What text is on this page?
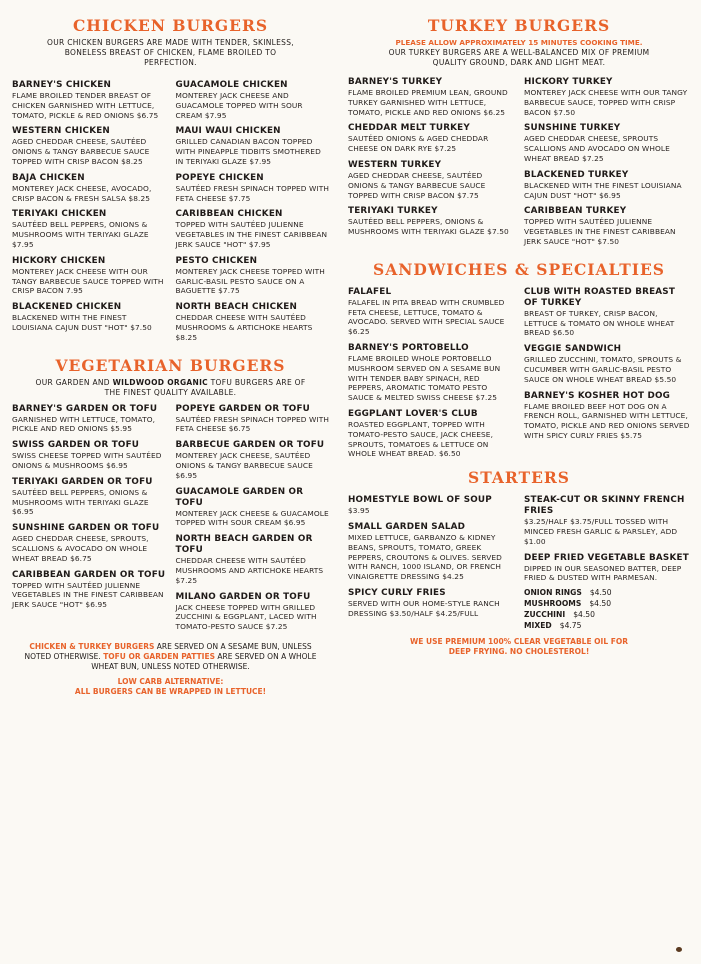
CHICKEN BURGERS

OUR CHICKEN BURGERS ARE MADE WITH TENDER, SKINLESS, BONELESS BREAST OF CHICKEN, FLAME BROILED TO PERFECTION.

BARNEY'S CHICKEN
FLAME BROILED TENDER BREAST OF CHICKEN GARNISHED WITH LETTUCE, TOMATO, PICKLE & RED ONIONS $6.75
WESTERN CHICKEN
AGED CHEDDAR CHEESE, SAUTÉED ONIONS & TANGY BARBECUE SAUCE TOPPED WITH CRISP BACON $8.25
BAJA CHICKEN
MONTEREY JACK CHEESE, AVOCADO, CRISP BACON & FRESH SALSA $8.25
TERIYAKI CHICKEN
SAUTÉED BELL PEPPERS, ONIONS & MUSHROOMS WITH TERIYAKI GLAZE $7.95
HICKORY CHICKEN
MONTEREY JACK CHEESE WITH OUR TANGY BARBECUE SAUCE TOPPED WITH CRISP BACON 7.95
BLACKENED CHICKEN
BLACKENED WITH THE FINEST LOUISIANA CAJUN DUST "HOT" $7.50
GUACAMOLE CHICKEN
MONTEREY JACK CHEESE AND GUACAMOLE TOPPED WITH SOUR CREAM $7.95
MAUI WAUI CHICKEN
GRILLED CANADIAN BACON TOPPED WITH PINEAPPLE TIDBITS SMOTHERED IN TERIYAKI GLAZE $7.95
POPEYE CHICKEN
SAUTÉED FRESH SPINACH TOPPED WITH FETA CHEESE $7.75
CARIBBEAN CHICKEN
TOPPED WITH SAUTÉED JULIENNE VEGETABLES IN THE FINEST CARIBBEAN JERK SAUCE "HOT" $7.95
PESTO CHICKEN
MONTEREY JACK CHEESE TOPPED WITH GARLIC-BASIL PESTO SAUCE ON A BAGUETTE $7.75
NORTH BEACH CHICKEN
CHEDDAR CHEESE WITH SAUTÉED MUSHROOMS & ARTICHOKE HEARTS $8.25
VEGETARIAN BURGERS

OUR GARDEN AND WILDWOOD ORGANIC TOFU BURGERS ARE OF THE FINEST QUALITY AVAILABLE.

BARNEY'S GARDEN OR TOFU
GARNISHED WITH LETTUCE, TOMATO, PICKLE AND RED ONIONS $5.95
SWISS GARDEN OR TOFU
SWISS CHEESE TOPPED WITH SAUTÉED ONIONS & MUSHROOMS $6.95
TERIYAKI GARDEN OR TOFU
SAUTÉED BELL PEPPERS, ONIONS & MUSHROOMS WITH TERIYAKI GLAZE $6.95
SUNSHINE GARDEN OR TOFU
AGED CHEDDAR CHEESE, SPROUTS, SCALLIONS & AVOCADO ON WHOLE WHEAT BREAD $6.75
CARIBBEAN GARDEN OR TOFU
TOPPED WITH SAUTÉED JULIENNE VEGETABLES IN THE FINEST CARIBBEAN JERK SAUCE "HOT" $6.95
POPEYE GARDEN OR TOFU
SAUTÉED FRESH SPINACH TOPPED WITH FETA CHEESE $6.75
BARBECUE GARDEN OR TOFU
MONTEREY JACK CHEESE, SAUTÉED ONIONS & TANGY BARBECUE SAUCE $6.95
GUACAMOLE GARDEN OR TOFU
MONTEREY JACK CHEESE & GUACAMOLE TOPPED WITH SOUR CREAM $6.95
NORTH BEACH GARDEN OR TOFU
CHEDDAR CHEESE WITH SAUTÉED MUSHROOMS AND ARTICHOKE HEARTS $7.25
MILANO GARDEN OR TOFU
JACK CHEESE TOPPED WITH GRILLED ZUCCHINI & EGGPLANT, LACED WITH TOMATO-PESTO SAUCE $7.25
CHICKEN & TURKEY BURGERS ARE SERVED ON A SESAME BUN, UNLESS NOTED OTHERWISE. TOFU OR GARDEN PATTIES ARE SERVED ON A WHOLE WHEAT BUN, UNLESS NOTED OTHERWISE.
LOW CARB ALTERNATIVE:
ALL BURGERS CAN BE WRAPPED IN LETTUCE!
TURKEY BURGERS

PLEASE ALLOW APPROXIMATELY 15 MINUTES COOKING TIME.

OUR TURKEY BURGERS ARE A WELL-BALANCED MIX OF PREMIUM QUALITY GROUND, DARK AND LIGHT MEAT.

BARNEY'S TURKEY
FLAME BROILED PREMIUM LEAN, GROUND TURKEY GARNISHED WITH LETTUCE, TOMATO, PICKLE AND RED ONIONS $6.25
CHEDDAR MELT TURKEY
SAUTÉED ONIONS & AGED CHEDDAR CHEESE ON DARK RYE $7.25
WESTERN TURKEY
AGED CHEDDAR CHEESE, SAUTÉED ONIONS & TANGY BARBECUE SAUCE TOPPED WITH CRISP BACON $7.75
TERIYAKI TURKEY
SAUTÉED BELL PEPPERS, ONIONS & MUSHROOMS WITH TERIYAKI GLAZE $7.50
HICKORY TURKEY
MONTEREY JACK CHEESE WITH OUR TANGY BARBECUE SAUCE, TOPPED WITH CRISP BACON $7.50
SUNSHINE TURKEY
AGED CHEDDAR CHEESE, SPROUTS SCALLIONS AND AVOCADO ON WHOLE WHEAT BREAD $7.25
BLACKENED TURKEY
BLACKENED WITH THE FINEST LOUISIANA CAJUN DUST "HOT" $6.95
CARIBBEAN TURKEY
TOPPED WITH SAUTÉED JULIENNE VEGETABLES IN THE FINEST CARIBBEAN JERK SAUCE "HOT" $7.50
SANDWICHES & SPECIALTIES
FALAFEL
FALAFEL IN PITA BREAD WITH CRUMBLED FETA CHEESE, LETTUCE, TOMATO & AVOCADO. SERVED WITH SPECIAL SAUCE $6.25
BARNEY'S PORTOBELLO
FLAME BROILED WHOLE PORTOBELLO MUSHROOM SERVED ON A SESAME BUN WITH TENDER BABY SPINACH, RED PEPPERS, AROMATIC TOMATO PESTO SAUCE & MELTED SWISS CHEESE $7.25
EGGPLANT LOVER'S CLUB
ROASTED EGGPLANT, TOPPED WITH TOMATO-PESTO SAUCE, JACK CHEESE, SPROUTS, TOMATOES & LETTUCE ON WHOLE WHEAT BREAD. $6.50
CLUB WITH ROASTED BREAST OF TURKEY
BREAST OF TURKEY, CRISP BACON, LETTUCE & TOMATO ON WHOLE WHEAT BREAD $6.50
VEGGIE SANDWICH
GRILLED ZUCCHINI, TOMATO, SPROUTS & CUCUMBER WITH GARLIC-BASIL PESTO SAUCE ON WHOLE WHEAT BREAD $5.50
BARNEY'S KOSHER HOT DOG
FLAME BROILED BEEF HOT DOG ON A FRENCH ROLL, GARNISHED WITH LETTUCE, TOMATO, PICKLE AND RED ONIONS SERVED WITH SPICY CURLY FRIES $5.75
STARTERS
HOMESTYLE BOWL OF SOUP
$3.95
SMALL GARDEN SALAD
MIXED LETTUCE, GARBANZO & KIDNEY BEANS, SPROUTS, TOMATO, GREEK PEPPERS, CROUTONS & OLIVES. SERVED WITH RANCH, 1000 ISLAND, OR FRENCH VINAIGRETTE DRESSING $4.25
SPICY CURLY FRIES
SERVED WITH OUR HOME-STYLE RANCH DRESSING $3.50/HALF $4.25/FULL
STEAK-CUT OR SKINNY FRENCH FRIES
$3.25/HALF $3.75/FULL TOSSED WITH MINCED FRESH GARLIC & PARSLEY, ADD $1.00
DEEP FRIED VEGETABLE BASKET
DIPPED IN OUR SEASONED BATTER, DEEP FRIED & DUSTED WITH PARMESAN.
ONION RINGS $4.50
MUSHROOMS $4.50
ZUCCHINI $4.50
MIXED $4.75
WE USE PREMIUM 100% CLEAR VEGETABLE OIL FOR DEEP FRYING. NO CHOLESTEROL!
